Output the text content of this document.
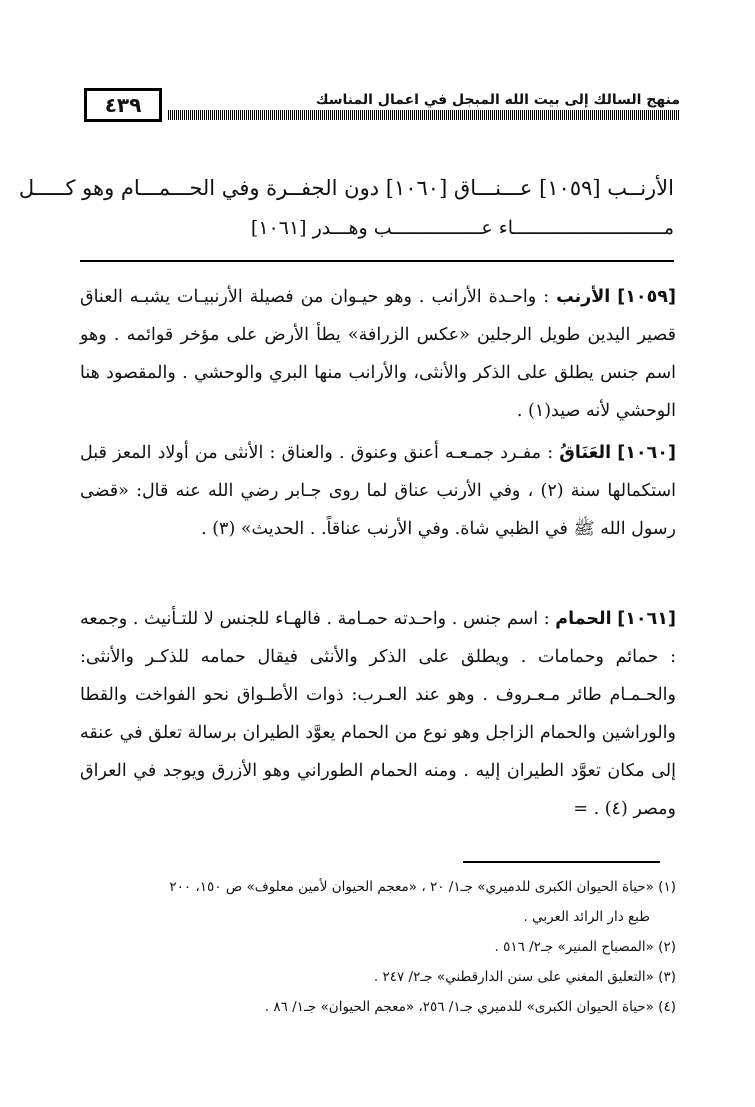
منهج السالك إلى بيت الله المبجل في اعمال المناسك
٤٣٩
الأرنــب [١٠٥٩] عـــنـــاق [١٠٦٠] دون الجفــرة وفي الحـــمـــام وهو كـــــل
مـــــــــــــــــــــــــــاء عــــــــــــــــب وهـــدر [١٠٦١]

[١٠٥٩] الأرنب : واحـدة الأرانب . وهو حيـوان من فصيلة الأرنبيـات يشبـه العناق قصير اليدين طويل الرجلين «عكس الزرافة» يطأ الأرض على مؤخر قوائمه . وهو اسم جنس يطلق على الذكر والأنثى، والأرانب منها البري والوحشي . والمقصود هنا الوحشي لأنه صيد(١) .

[١٠٦٠] العَنَاقُ : مفـرد جمـعـه أعنق وعنوق . والعناق : الأنثى من أولاد المعز قبل استكمالها سنة (٢) ، وفي الأرنب عناق لما روى جـابر رضي الله عنه قال: «قضى رسول الله ﷺ في الظبي شاة. وفي الأرنب عناقاً. . الحديث» (٣) .

[١٠٦١] الحمام : اسم جنس . واحـدته حمـامة . فالهـاء للجنس لا للتـأنيث . وجمعه : حمائم وحمامات . ويطلق على الذكر والأنثى فيقال حمامه للذكـر والأنثى: والحـمـام طائر مـعـروف . وهو عند العـرب: ذوات الأطـواق نحو الفواخت والقطا والوراشين والحمام الزاجل وهو نوع من الحمام يعوَّد الطيران برسالة تعلق في عنقه إلى مكان تعوَّد الطيران إليه . ومنه الحمام الطوراني وهو الأزرق ويوجد في العراق ومصر (٤) . =

(١) «حياة الحيوان الكبرى للدميري» جـ١/ ٢٠ ، «معجم الحيوان لأمين معلوف» ص ١٥٠، ٢٠٠
طبع دار الرائد العربي .
(٢) «المصباح المنير» جـ٢/ ٥١٦ .
(٣) «التعليق المغني على سنن الدارقطني» جـ٢/ ٢٤٧ .
(٤) «حياة الحيوان الكبرى» للدميري جـ١/ ٢٥٦، «معجم الحيوان» جـ١/ ٨٦ .
